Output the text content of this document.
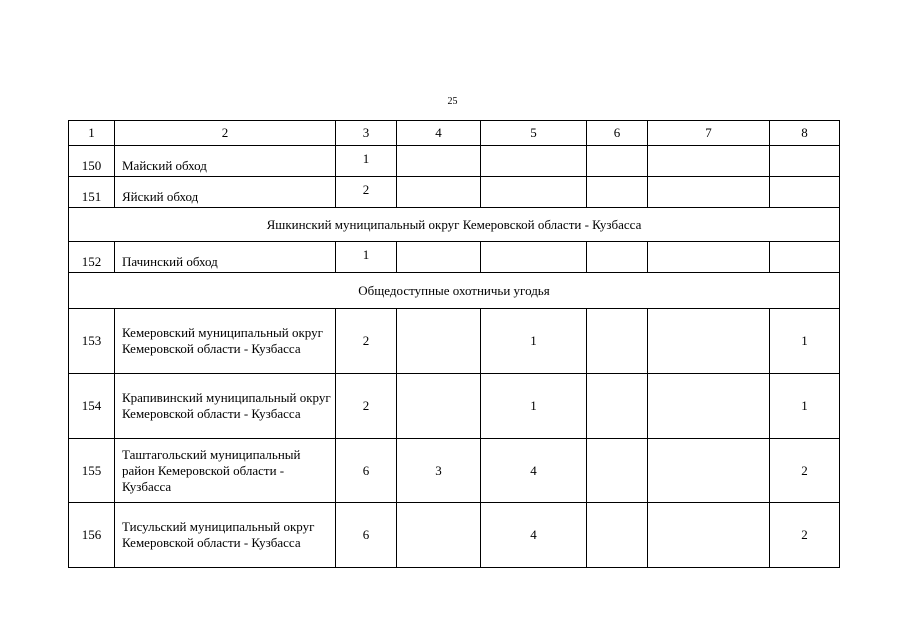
25
1	2	3	4	5	6	7	8
150	Майский обход	1					
151	Яйский обход	2					
Яшкинский муниципальный округ Кемеровской области - Кузбасса							
152	Пачинский обход	1					
Общедоступные охотничьи угодья							
153	Кемеровский муниципальный округ Кемеровской области - Кузбасса	2		1			1
154	Крапивинский муниципальный округ Кемеровской области - Кузбасса	2		1			1
155	Таштагольский муниципальный район Кемеровской области - Кузбасса	6	3	4			2
156	Тисульский муниципальный округ Кемеровской области - Кузбасса	6		4			2
